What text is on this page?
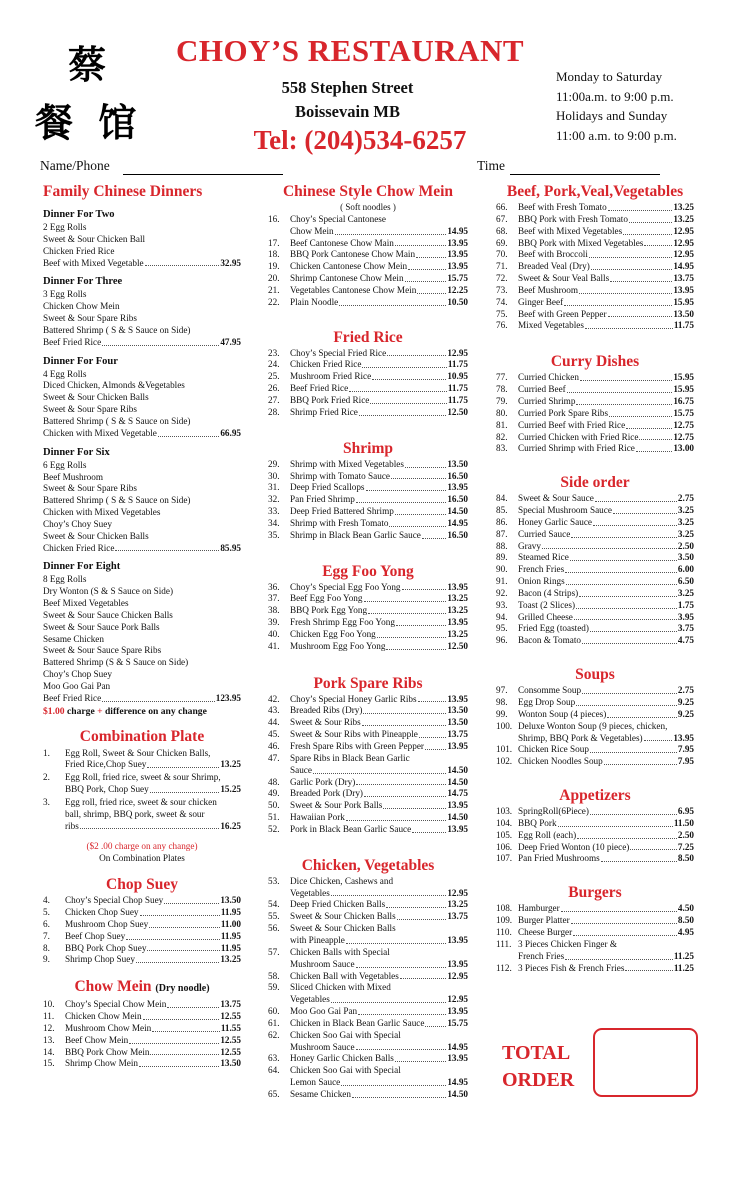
蔡
餐 馆
CHOY’S RESTAURANT
558 Stephen Street
Boissevain MB
Tel: (204)534-6257
Monday to Saturday
11:00a.m. to 9:00 p.m.
Holidays and Sunday
11:00 a.m. to 9:00 p.m.
Name/Phone	Time
Family Chinese Dinners
Dinner For Two
2 Egg Rolls
Sweet & Sour Chicken Ball
Chicken Fried Rice
Beef with Mixed Vegetable	32.95
Dinner For Three
3 Egg Rolls
Chicken Chow Mein
Sweet & Sour Spare Ribs
Battered Shrimp ( S & S Sauce on Side)
Beef Fried Rice	47.95
Dinner For Four
4 Egg Rolls
Diced Chicken, Almonds &Vegetables
Sweet & Sour Chicken Balls
Sweet & Sour Spare Ribs
Battered Shrimp ( S & S Sauce on Side)
Chicken with Mixed Vegetable	66.95
Dinner For Six
6 Egg Rolls
Beef Mushroom
Sweet & Sour Spare Ribs
Battered Shrimp ( S & S Sauce on Side)
Chicken with Mixed Vegetables
Choy’s Choy Suey
Sweet & Sour Chicken Balls
Chicken Fried Rice	85.95
Dinner For Eight
8 Egg Rolls
Dry Wonton (S & S Sauce on Side)
Beef Mixed Vegetables
Sweet & Sour Sauce Chicken Balls
Sweet & Sour Sauce Pork Balls
Sesame Chicken
Sweet & Sour Sauce Spare Ribs
Battered Shrimp (S & S Sauce on Side)
Choy’s Chop Suey
Moo Goo Gai Pan
Beef Fried Rice	123.95
$1.00 charge + difference on any change
Combination Plate
1.	Egg Roll, Sweet & Sour Chicken Balls,
Fried Rice,Chop Suey	13.25
2.	Egg Roll, fried rice, sweet & sour Shrimp,
BBQ Pork, Chop Suey	15.25
3.	Egg roll, fried rice, sweet & sour chicken
ball, shrimp, BBQ pork, sweet & sour
ribs	16.25
($2 .00 charge on any change)
On Combination Plates
Chop Suey
4.	Choy’s Special Chop Suey	13.50
5.	Chicken Chop Suey	11.95
6.	Mushroom Chop Suey	11.00
7.	Beef Chop Suey	11.95
8.	BBQ Pork Chop Suey	11.95
9.	Shrimp Chop Suey	13.25
Chow Mein (Dry noodle)
10.	Choy’s Special Chow Mein	13.75
11.	Chicken Chow Mein	12.55
12.	Mushroom Chow Mein	11.55
13.	Beef Chow Mein	12.55
14.	BBQ Pork Chow Mein	12.55
15.	Shrimp Chow Mein	13.50
Chinese Style Chow Mein
( Soft noodles )
16.	Choy’s Special Cantonese
Chow Mein	14.95
17.	Beef Cantonese Chow Main	13.95
18.	BBQ Pork Cantonese Chow Main	13.95
19.	Chicken Cantonese Chow Mein	13.95
20.	Shrimp Cantonese Chow Mein	15.75
21.	Vegetables Cantonese Chow Mein	12.25
22.	Plain Noodle	10.50
Fried Rice
23.	Choy’s Special Fried Rice	12.95
24.	Chicken Fried Rice	11.75
25.	Mushroom Fried Rice	10.95
26.	Beef Fried Rice	11.75
27.	BBQ Pork Fried Rice	11.75
28.	Shrimp Fried Rice	12.50
Shrimp
29.	Shrimp with Mixed Vegetables	13.50
30.	Shrimp with Tomato Sauce	16.50
31.	Deep Fried Scallops	13.95
32.	Pan Fried Shrimp	16.50
33.	Deep Fried Battered Shrimp	14.50
34.	Shrimp with Fresh Tomato	14.95
35.	Shrimp in Black Bean Garlic Sauce	16.50
Egg Foo Yong
36.	Choy’s Special Egg Foo Yong	13.95
37.	Beef Egg Foo Yong	13.25
38.	BBQ Pork Egg Yong	13.25
39.	Fresh Shrimp Egg Foo Yong	13.95
40.	Chicken Egg Foo Yong	13.25
41.	Mushroom Egg Foo Yong	12.50
Pork Spare Ribs
42.	Choy’s Special Honey Garlic Ribs	13.95
43.	Breaded Ribs (Dry)	13.50
44.	Sweet & Sour Ribs	13.50
45.	Sweet & Sour Ribs with Pineapple	13.75
46.	Fresh Spare Ribs with Green Pepper	13.95
47.	Spare Ribs in Black Bean Garlic
Sauce	14.50
48.	Garlic Pork (Dry)	14.50
49.	Breaded Pork (Dry)	14.75
50.	Sweet & Sour Pork Balls	13.95
51.	Hawaiian Pork	14.50
52.	Pork in Black Bean Garlic Sauce	13.95
Chicken, Vegetables
53.	Dice Chicken, Cashews and
Vegetables	12.95
54.	Deep Fried Chicken Balls	13.25
55.	Sweet & Sour Chicken Balls	13.75
56.	Sweet & Sour Chicken Balls
with Pineapple	13.95
57.	Chicken Balls with Special
Mushroom Sauce	13.95
58.	Chicken Ball with Vegetables	12.95
59.	Sliced Chicken with Mixed
Vegetables	12.95
60.	Moo Goo Gai Pan	13.95
61.	Chicken in Black Bean Garlic Sauce 15.75
62.	Chicken Soo Gai with Special
Mushroom Sauce	14.95
63.	Honey Garlic Chicken Balls	13.95
64.	Chicken Soo Gai with Special
Lemon Sauce	14.95
65.	Sesame Chicken	14.50
Beef, Pork,Veal,Vegetables
66.	Beef with Fresh Tomato	13.25
67.	BBQ Pork with Fresh Tomato	13.25
68.	Beef with Mixed Vegetables	12.95
69.	BBQ Pork with Mixed Vegetables	12.95
70.	Beef with Broccoli	12.95
71.	Breaded Veal (Dry)	14.95
72.	Sweet & Sour Veal Balls	13.75
73.	Beef Mushroom	13.95
74.	Ginger Beef	15.95
75.	Beef with Green Pepper	13.50
76.	Mixed Vegetables	11.75
Curry Dishes
77.	Curried Chicken	15.95
78.	Curried Beef	15.95
79.	Curried Shrimp	16.75
80.	Curried Pork Spare Ribs	15.75
81.	Curried Beef with Fried Rice	12.75
82.	Curried Chicken with Fried Rice	12.75
83.	Curried Shrimp with Fried Rice	13.00
Side order
84.	Sweet & Sour Sauce	2.75
85.	Special Mushroom Sauce	3.25
86.	Honey Garlic Sauce	3.25
87.	Curried Sauce	3.25
88.	Gravy	2.50
89.	Steamed Rice	3.50
90.	French Fries	6.00
91.	Onion Rings	6.50
92.	Bacon (4 Strips)	3.25
93.	Toast (2 Slices)	1.75
94.	Grilled Cheese	3.95
95.	Fried Egg (toasted)	3.75
96.	Bacon & Tomato	4.75
Soups
97.	Consomme Soup	2.75
98.	Egg Drop Soup	9.25
99.	Wonton Soup (4 pieces)	9.25
100. Deluxe Wonton Soup (9 pieces, chicken,
Shrimp, BBQ Pork & Vegetables)	13.95
101. Chicken Rice Soup	7.95
102. Chicken Noodles Soup	7.95
Appetizers
103. SpringRoll(6Piece)	6.95
104. BBQ Pork	11.50
105. Egg Roll (each)	2.50
106. Deep Fried Wonton (10 piece)	7.25
107. Pan Fried Mushrooms	8.50
Burgers
108. Hamburger	4.50
109. Burger Platter	8.50
110. Cheese Burger	4.95
111. 3 Pieces Chicken Finger &
French Fries	11.25
112. 3 Pieces Fish & French Fries	11.25
TOTAL
ORDER
